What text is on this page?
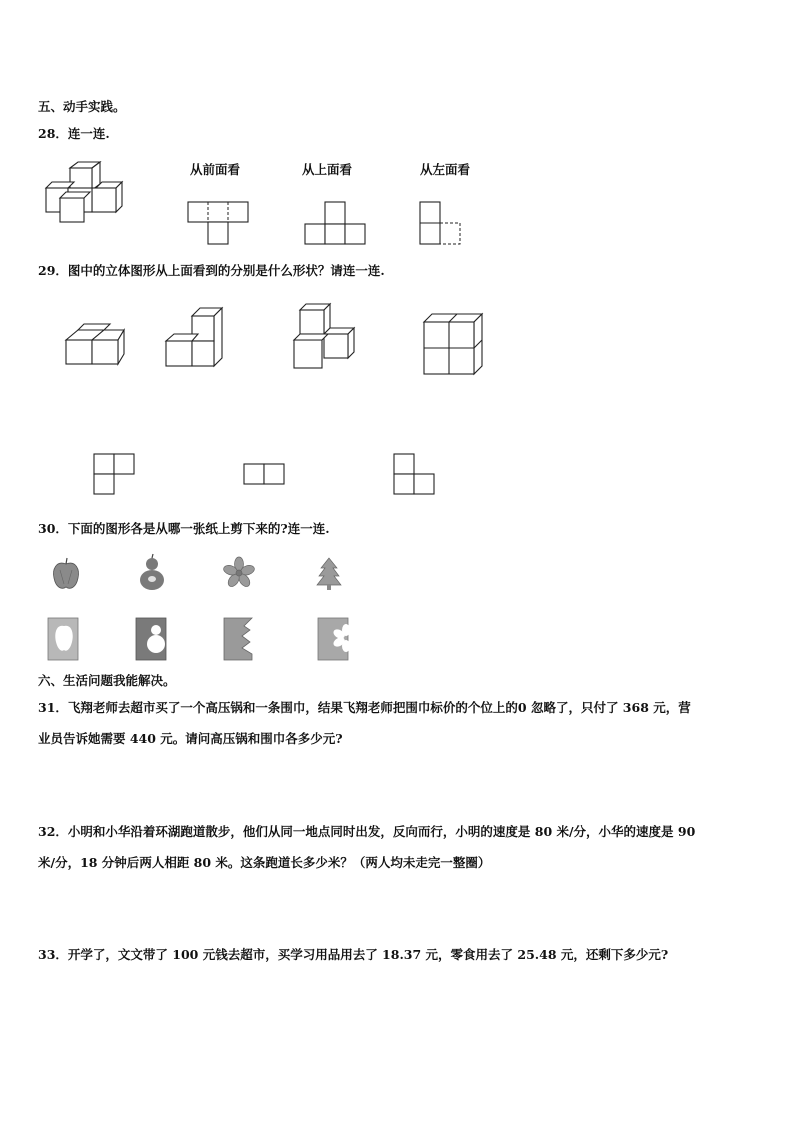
五、动手实践。
28．连一连.
从前面看	从上面看	从左面看
29．图中的立体图形从上面看到的分别是什么形状？请连一连.
30．下面的图形各是从哪一张纸上剪下来的?连一连.
六、生活问题我能解决。
31．飞翔老师去超市买了一个高压锅和一条围巾，结果飞翔老师把围巾标价的个位上的0 忽略了，只付了 368 元，营
业员告诉她需要 440 元。请问高压锅和围巾各多少元?
32．小明和小华沿着环湖跑道散步，他们从同一地点同时出发，反向而行，小明的速度是 80 米/分，小华的速度是 90
米/分，18 分钟后两人相距 80 米。这条跑道长多少米？（两人均未走完一整圈）
33．开学了，文文带了 100 元钱去超市，买学习用品用去了 18.37 元，零食用去了 25.48 元，还剩下多少元?
